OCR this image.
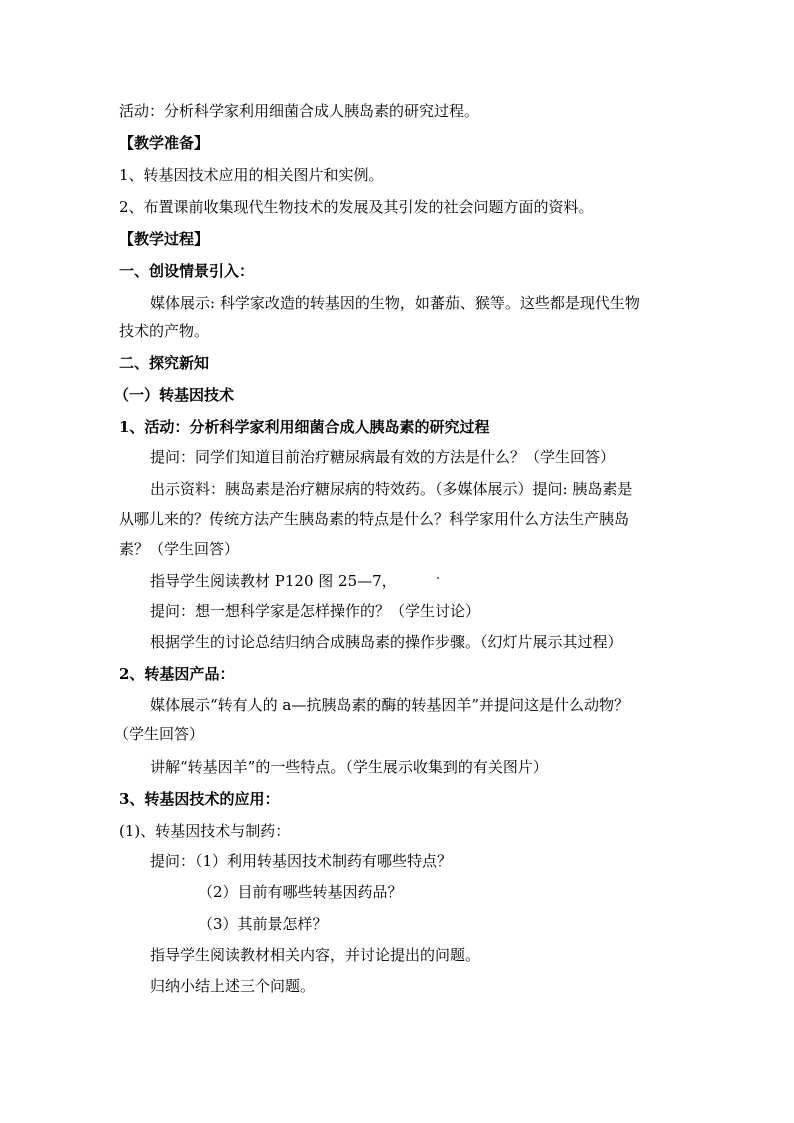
活动：分析科学家利用细菌合成人胰岛素的研究过程。
【教学准备】
1、转基因技术应用的相关图片和实例。
2、布置课前收集现代生物技术的发展及其引发的社会问题方面的资料。
【教学过程】
一、创设情景引入：
媒体展示: 科学家改造的转基因的生物，如蕃茄、猴等。这些都是现代生物
技术的产物。
二、探究新知
（一）转基因技术
1、活动：分析科学家利用细菌合成人胰岛素的研究过程
提问：同学们知道目前治疗糖尿病最有效的方法是什么？（学生回答）
出示资料：胰岛素是治疗糖尿病的特效药。（多媒体展示）提问: 胰岛素是
从哪儿来的？传统方法产生胰岛素的特点是什么？科学家用什么方法生产胰岛
素？（学生回答）
指导学生阅读教材 P120 图 25—7，
提问：想一想科学家是怎样操作的？（学生讨论）
根据学生的讨论总结归纳合成胰岛素的操作步骤。（幻灯片展示其过程）
2、转基因产品：
媒体展示“转有人的 a—抗胰岛素的酶的转基因羊”并提问这是什么动物？
（学生回答）
讲解“转基因羊”的一些特点。（学生展示收集到的有关图片）
3、转基因技术的应用：
(1)、转基因技术与制药：
提问：（1）利用转基因技术制药有哪些特点？
（2）目前有哪些转基因药品？
（3）其前景怎样？
指导学生阅读教材相关内容，并讨论提出的问题。
归纳小结上述三个问题。
